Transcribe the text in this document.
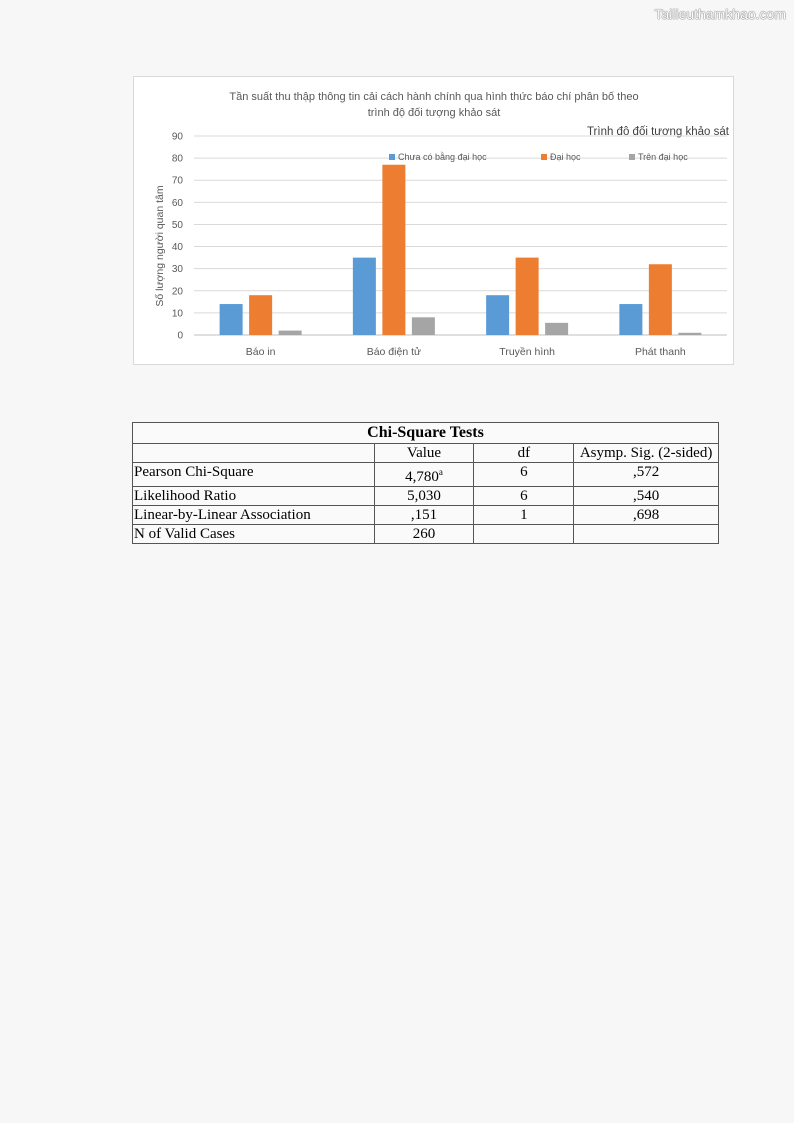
Tailieuthamkhao.com
Tần suất thu thập thông tin cải cách hành chính qua hình thức báo chí phân bố theo
trình độ đối tượng khảo sát
Trình độ đối tượng khảo sát
Số lượng người quan tâm
0
10
20
30
40
50
60
70
80
90
Báo in	Báo điện tử	Truyền hình	Phát thanh
Chưa có bằng đại học	Đại học	Trên đại học
Chi-Square Tests			
	Value	df	Asymp. Sig. (2-sided)
Pearson Chi-Square	4,780$^a$	6	,572
Likelihood Ratio	5,030	6	,540
Linear-by-Linear Association	,151	1	,698
N of Valid Cases	260		
